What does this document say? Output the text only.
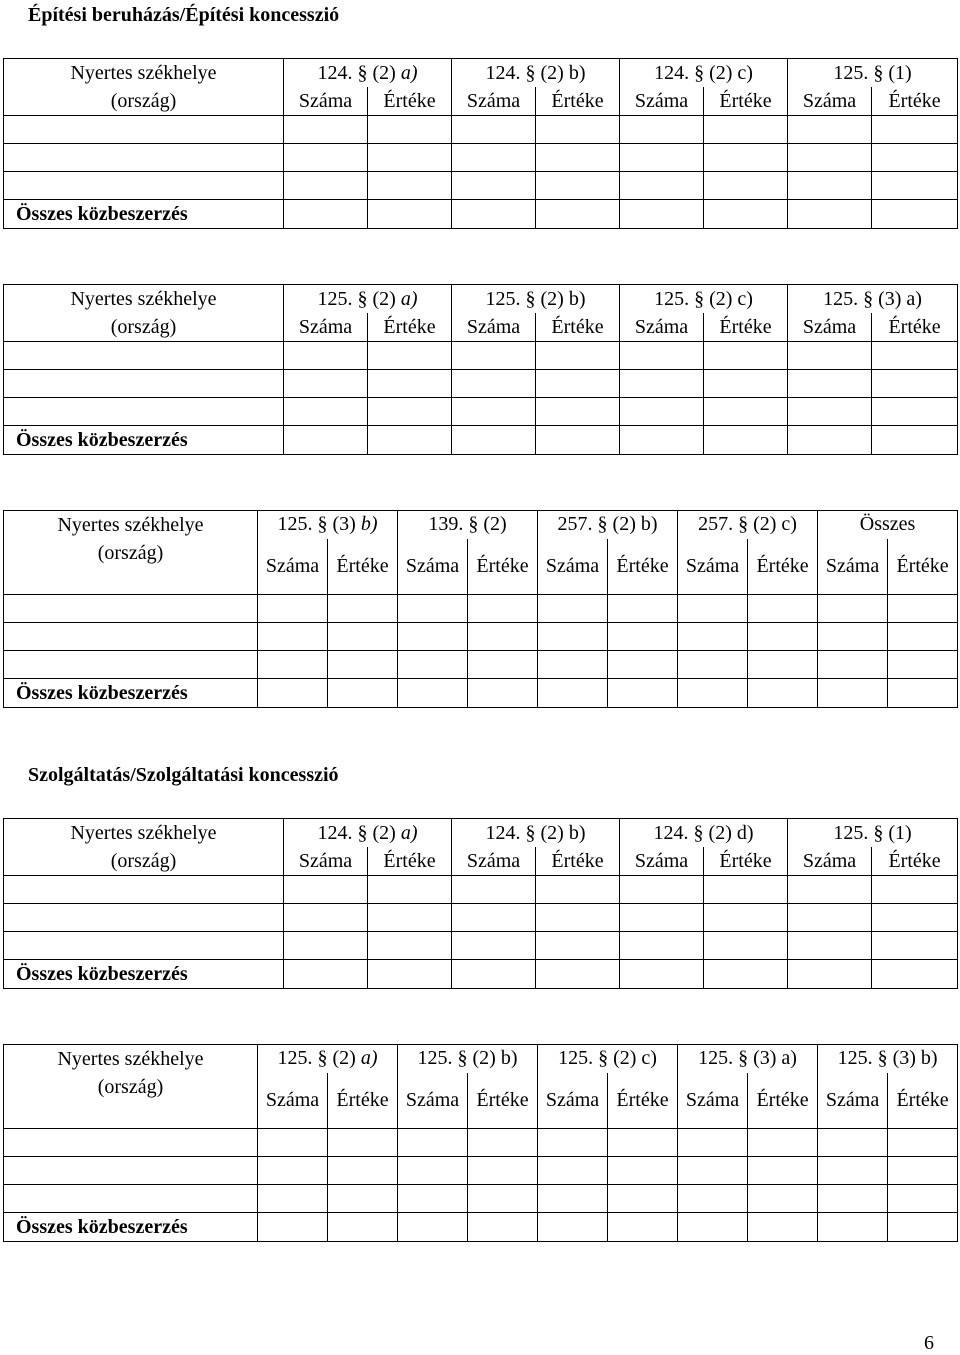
Építési beruházás/Építési koncesszió
Nyertes székhelye
(ország)	124. § (2) a)		124. § (2) b)		124. § (2) c)		125. § (1)	
	Száma	Értéke	Száma	Értéke	Száma	Értéke	Száma	Értéke

Összes közbeszerzés								
Nyertes székhelye
(ország)	125. § (2) a)		125. § (2) b)		125. § (2) c)		125. § (3) a)	
	Száma	Értéke	Száma	Értéke	Száma	Értéke	Száma	Értéke

Összes közbeszerzés								
Nyertes székhelye
(ország)	125. § (3) b)		139. § (2)		257. § (2) b)		257. § (2) c)		Összes	
	Száma	Értéke	Száma	Értéke	Száma	Értéke	Száma	Értéke	Száma	Értéke

Összes közbeszerzés										
Szolgáltatás/Szolgáltatási koncesszió
Nyertes székhelye
(ország)	124. § (2) a)		124. § (2) b)		124. § (2) d)		125. § (1)	
	Száma	Értéke	Száma	Értéke	Száma	Értéke	Száma	Értéke

Összes közbeszerzés								
Nyertes székhelye
(ország)	125. § (2) a)		125. § (2) b)		125. § (2) c)		125. § (3) a)		125. § (3) b)	
	Száma	Értéke	Száma	Értéke	Száma	Értéke	Száma	Értéke	Száma	Értéke

Összes közbeszerzés										
6
